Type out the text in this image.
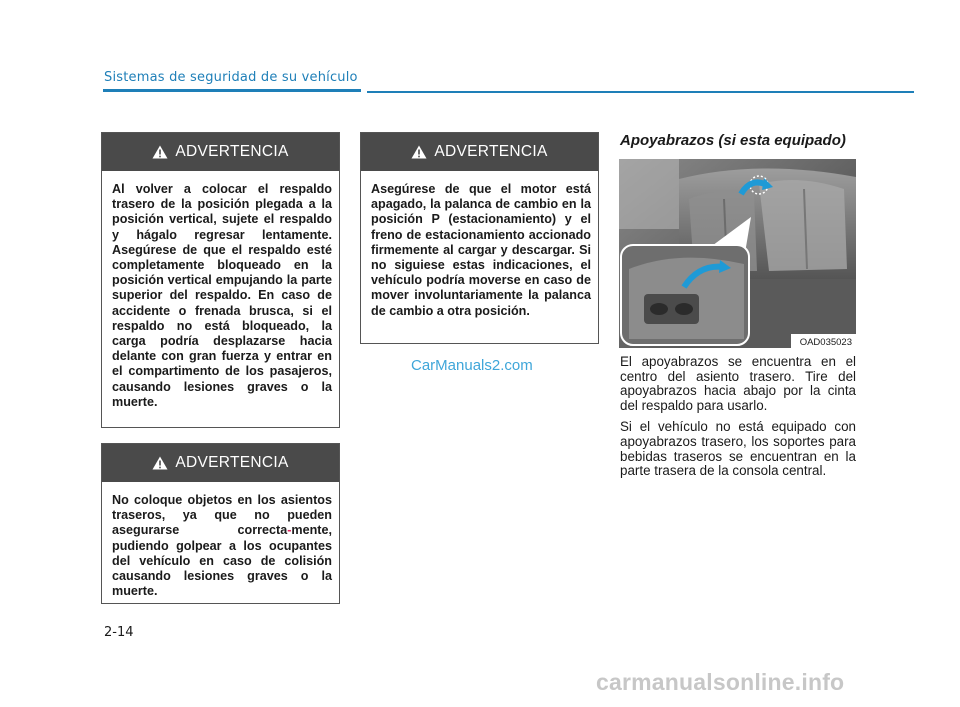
Sistemas de seguridad de su vehículo
ADVERTENCIA
Al volver a colocar el respaldo trasero de la posición plegada a la posición vertical, sujete el respaldo y hágalo regresar lentamente. Asegúrese de que el respaldo esté completamente bloqueado en la posición vertical empujando la parte superior del respaldo. En caso de accidente o frenada brusca, si el respaldo no está bloqueado, la carga podría desplazarse hacia delante con gran fuerza y entrar en el compartimento de los pasajeros, causando lesiones graves o la muerte.
ADVERTENCIA
No coloque objetos en los asientos traseros, ya que no pueden asegurarse correcta-mente, pudiendo golpear a los ocupantes del vehículo en caso de colisión causando lesiones graves o la muerte.
ADVERTENCIA
Asegúrese de que el motor está apagado, la palanca de cambio en la posición P (estacionamiento) y el freno de estacionamiento accionado firmemente al cargar y descargar. Si no siguiese estas indicaciones, el vehículo podría moverse en caso de mover involuntariamente la palanca de cambio a otra posición.
CarManuals2.com
Apoyabrazos (si esta equipado)
OAD035023

El apoyabrazos se encuentra en el centro del asiento trasero. Tire del apoyabrazos hacia abajo por la cinta del respaldo para usarlo.

Si el vehículo no está equipado con apoyabrazos trasero, los soportes para bebidas traseros se encuentran en la parte trasera de la consola central.

2-14
carmanualsonline.info
